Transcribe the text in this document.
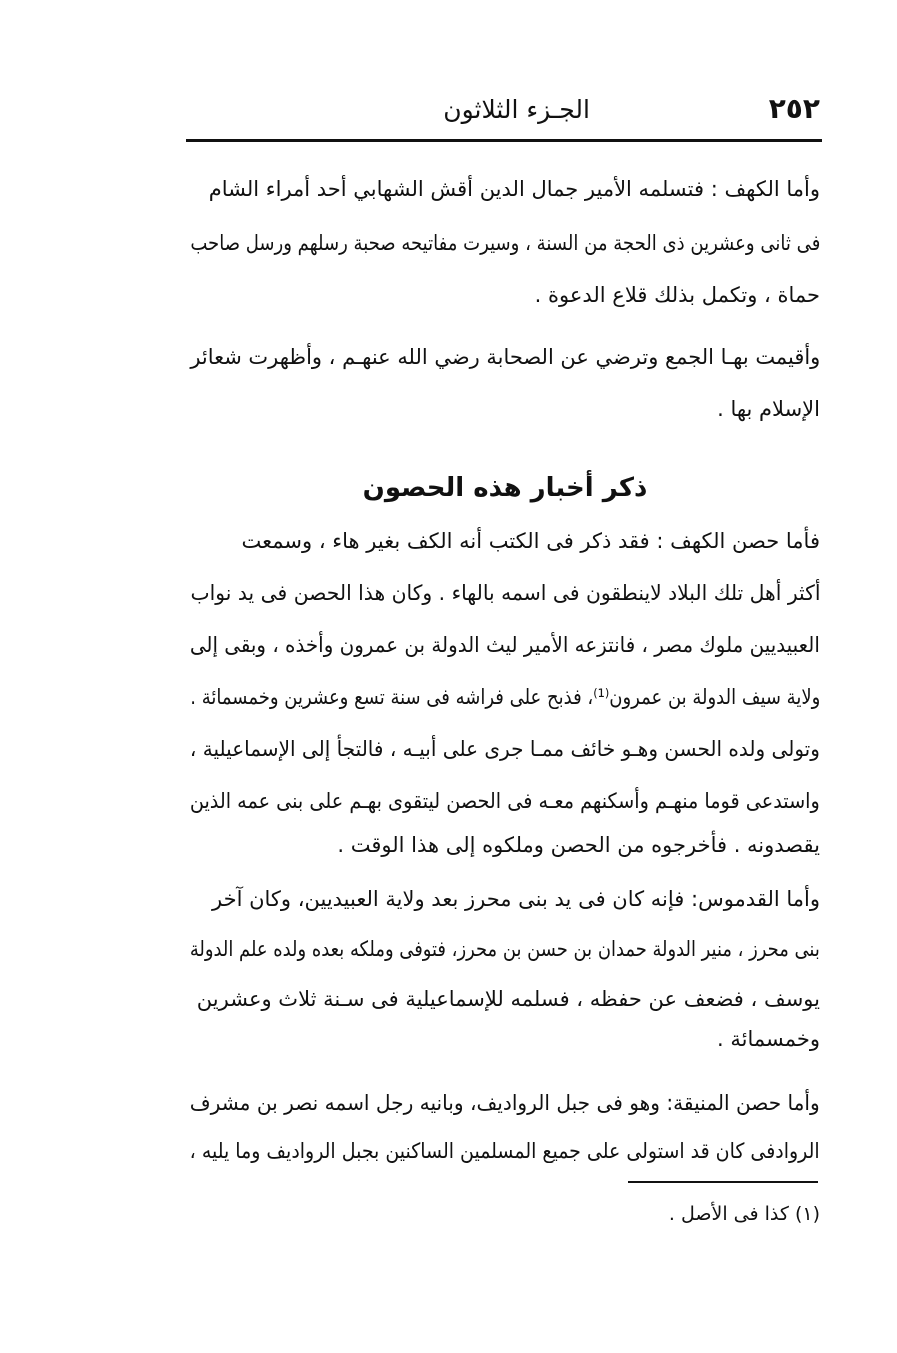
٢٥٢
الجـزء الثلاثون
وأما الكهف : فتسلمه الأمير جمال الدين أقش الشهابي أحد أمراء الشام
فى ثانى وعشرين ذى الحجة من السنة ، وسيرت مفاتيحه صحبة رسلهم ورسل صاحب
حماة ، وتكمل بذلك قلاع الدعوة .
وأقيمت بهـا الجمع وترضي عن الصحابة رضي الله عنهـم ، وأظهرت شعائر
الإسلام بها .
ذكر أخبار هذه الحصون
فأما حصن الكهف : فقد ذكر فى الكتب أنه الكف بغير هاء ، وسمعت
أكثر أهل تلك البلاد لاينطقون فى اسمه بالهاء . وكان هذا الحصن فى يد نواب
العبيديين ملوك مصر ، فانتزعه الأمير ليث الدولة بن عمرون وأخذه ، وبقى إلى
ولاية سيف الدولة بن عمرون⁽¹⁾، فذبح على فراشه فى سنة تسع وعشرين وخمسمائة .
وتولى ولده الحسن وهـو خائف ممـا جرى على أبيـه ، فالتجأ إلى الإسماعيلية ،
واستدعى قوما منهـم وأسكنهم معـه فى الحصن ليتقوى بهـم على بنى عمه الذين
يقصدونه . فأخرجوه من الحصن وملكوه إلى هذا الوقت .
وأما القدموس: فإنه كان فى يد بنى محرز بعد ولاية العبيديين، وكان آخر
بنى محرز ، منير الدولة حمدان بن حسن بن محرز، فتوفى وملكه بعده ولده علم الدولة
يوسف ، فضعف عن حفظه ، فسلمه للإسماعيلية فى سـنة ثلاث وعشرين
وخمسمائة .
وأما حصن المنيقة: وهو فى جبل الرواديف، وبانيه رجل اسمه نصر بن مشرف
الروادفى كان قد استولى على جميع المسلمين الساكنين بجبل الرواديف وما يليه ،
(١) كذا فى الأصل .
